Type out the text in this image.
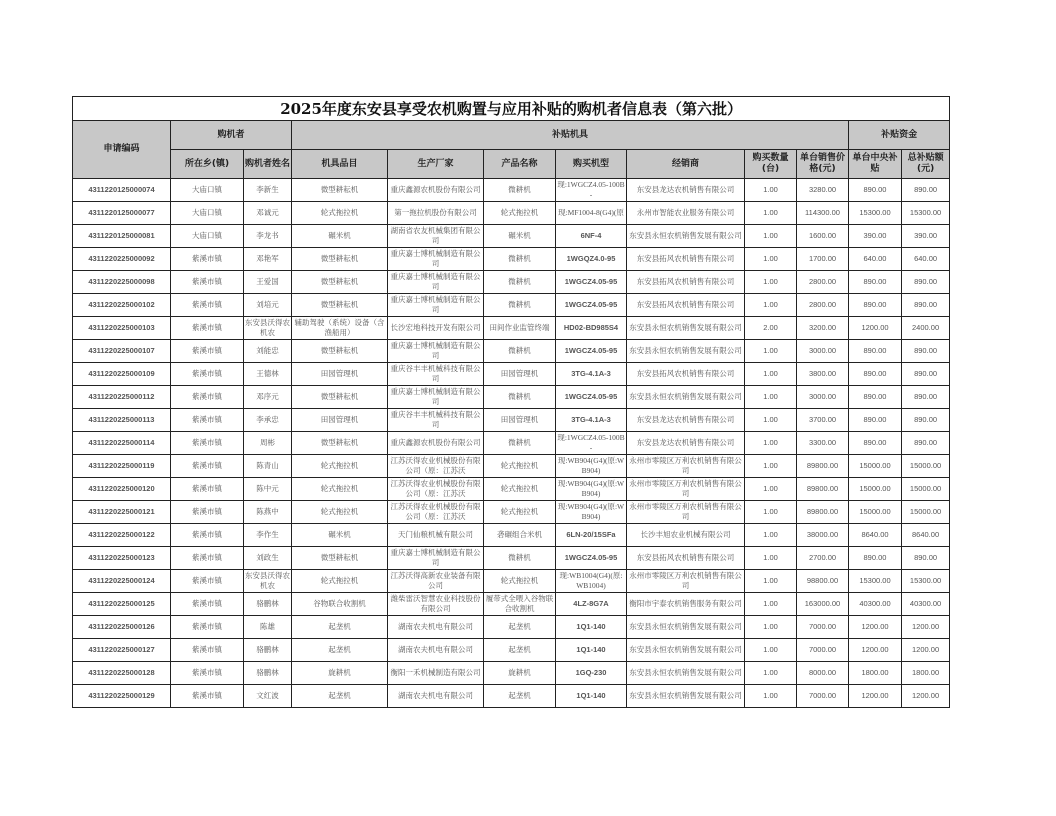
2025年度东安县享受农机购置与应用补贴的购机者信息表（第六批）											
申请编码	购机者		补贴机具							补贴资金	
	所在乡(镇)	购机者姓名	机具品目	生产厂家	产品名称	购买机型	经销商	购买数量(台)	单台销售价格(元)	单台中央补贴	总补贴额(元)

4311220125000074	大庙口镇	李新生	微型耕耘机	重庆鑫源农机股份有限公司	微耕机	现:1WGCZ4.05-100B-	东安县龙达农机销售有限公司	1.00	3280.00	890.00	890.00

4311220125000077	大庙口镇	邓诚元	轮式拖拉机	第一拖拉机股份有限公司	轮式拖拉机	现:MF1004-8(G4)(原	永州市智能农业服务有限公司	1.00	114300.00	15300.00	15300.00

4311220125000081	大庙口镇	李龙书	碾米机	湖南省农友机械集团有限公司	碾米机	6NF-4	东安县永恒农机销售发展有限公司	1.00	1600.00	390.00	390.00

4311220225000092	紫溪市镇	邓艳军	微型耕耘机	重庆嘉士博机械制造有限公司	微耕机	1WGQZ4.0-95	东安县拓风农机销售有限公司	1.00	1700.00	640.00	640.00

4311220225000098	紫溪市镇	王爱国	微型耕耘机	重庆嘉士博机械制造有限公司	微耕机	1WGCZ4.05-95	东安县拓风农机销售有限公司	1.00	2800.00	890.00	890.00

4311220225000102	紫溪市镇	刘培元	微型耕耘机	重庆嘉士博机械制造有限公司	微耕机	1WGCZ4.05-95	东安县拓风农机销售有限公司	1.00	2800.00	890.00	890.00

4311220225000103	紫溪市镇	东安县沃得农机农	辅助驾驶（系统）设备（含渔船用）	长沙宏地科技开发有限公司	田间作业监管终端	HD02-BD985S4	东安县永恒农机销售发展有限公司	2.00	3200.00	1200.00	2400.00

4311220225000107	紫溪市镇	刘能忠	微型耕耘机	重庆嘉士博机械制造有限公司	微耕机	1WGCZ4.05-95	东安县永恒农机销售发展有限公司	1.00	3000.00	890.00	890.00

4311220225000109	紫溪市镇	王德林	田园管理机	重庆谷丰丰机械科技有限公司	田园管理机	3TG-4.1A-3	东安县拓风农机销售有限公司	1.00	3800.00	890.00	890.00

4311220225000112	紫溪市镇	邓序元	微型耕耘机	重庆嘉士博机械制造有限公司	微耕机	1WGCZ4.05-95	东安县永恒农机销售发展有限公司	1.00	3000.00	890.00	890.00

4311220225000113	紫溪市镇	李承忠	田园管理机	重庆谷丰丰机械科技有限公司	田园管理机	3TG-4.1A-3	东安县龙达农机销售有限公司	1.00	3700.00	890.00	890.00

4311220225000114	紫溪市镇	周彬	微型耕耘机	重庆鑫源农机股份有限公司	微耕机	现:1WGCZ4.05-100B-	东安县龙达农机销售有限公司	1.00	3300.00	890.00	890.00

4311220225000119	紫溪市镇	陈青山	轮式拖拉机	江苏沃得农业机械股份有限公司（原：江苏沃	轮式拖拉机	现:WB904(G4)(原:WB904)	永州市零陵区万利农机销售有限公司	1.00	89800.00	15000.00	15000.00

4311220225000120	紫溪市镇	陈中元	轮式拖拉机	江苏沃得农业机械股份有限公司（原：江苏沃	轮式拖拉机	现:WB904(G4)(原:WB904)	永州市零陵区万利农机销售有限公司	1.00	89800.00	15000.00	15000.00

4311220225000121	紫溪市镇	陈燕中	轮式拖拉机	江苏沃得农业机械股份有限公司（原：江苏沃	轮式拖拉机	现:WB904(G4)(原:WB904)	永州市零陵区万利农机销售有限公司	1.00	89800.00	15000.00	15000.00

4311220225000122	紫溪市镇	李作生	碾米机	天门仙粮机械有限公司	砻碾组合米机	6LN-20/15SFa	长沙丰旭农业机械有限公司	1.00	38000.00	8640.00	8640.00

4311220225000123	紫溪市镇	刘政生	微型耕耘机	重庆嘉士博机械制造有限公司	微耕机	1WGCZ4.05-95	东安县拓风农机销售有限公司	1.00	2700.00	890.00	890.00

4311220225000124	紫溪市镇	东安县沃得农机农	轮式拖拉机	江苏沃得高新农业装备有限公司	轮式拖拉机	现:WB1004(G4)(原:WB1004)	永州市零陵区万利农机销售有限公司	1.00	98800.00	15300.00	15300.00

4311220225000125	紫溪市镇	骆鹏林	谷物联合收割机	潍柴雷沃智慧农业科技股份有限公司	履带式全喂入谷物联合收割机	4LZ-8G7A	衡阳市宇泰农机销售服务有限公司	1.00	163000.00	40300.00	40300.00

4311220225000126	紫溪市镇	陈雄	起垄机	湖南农夫机电有限公司	起垄机	1Q1-140	东安县永恒农机销售发展有限公司	1.00	7000.00	1200.00	1200.00

4311220225000127	紫溪市镇	骆鹏林	起垄机	湖南农夫机电有限公司	起垄机	1Q1-140	东安县永恒农机销售发展有限公司	1.00	7000.00	1200.00	1200.00

4311220225000128	紫溪市镇	骆鹏林	旋耕机	衡阳一禾机械制造有限公司	旋耕机	1GQ-230	东安县永恒农机销售发展有限公司	1.00	8000.00	1800.00	1800.00

4311220225000129	紫溪市镇	文红波	起垄机	湖南农夫机电有限公司	起垄机	1Q1-140	东安县永恒农机销售发展有限公司	1.00	7000.00	1200.00	1200.00
